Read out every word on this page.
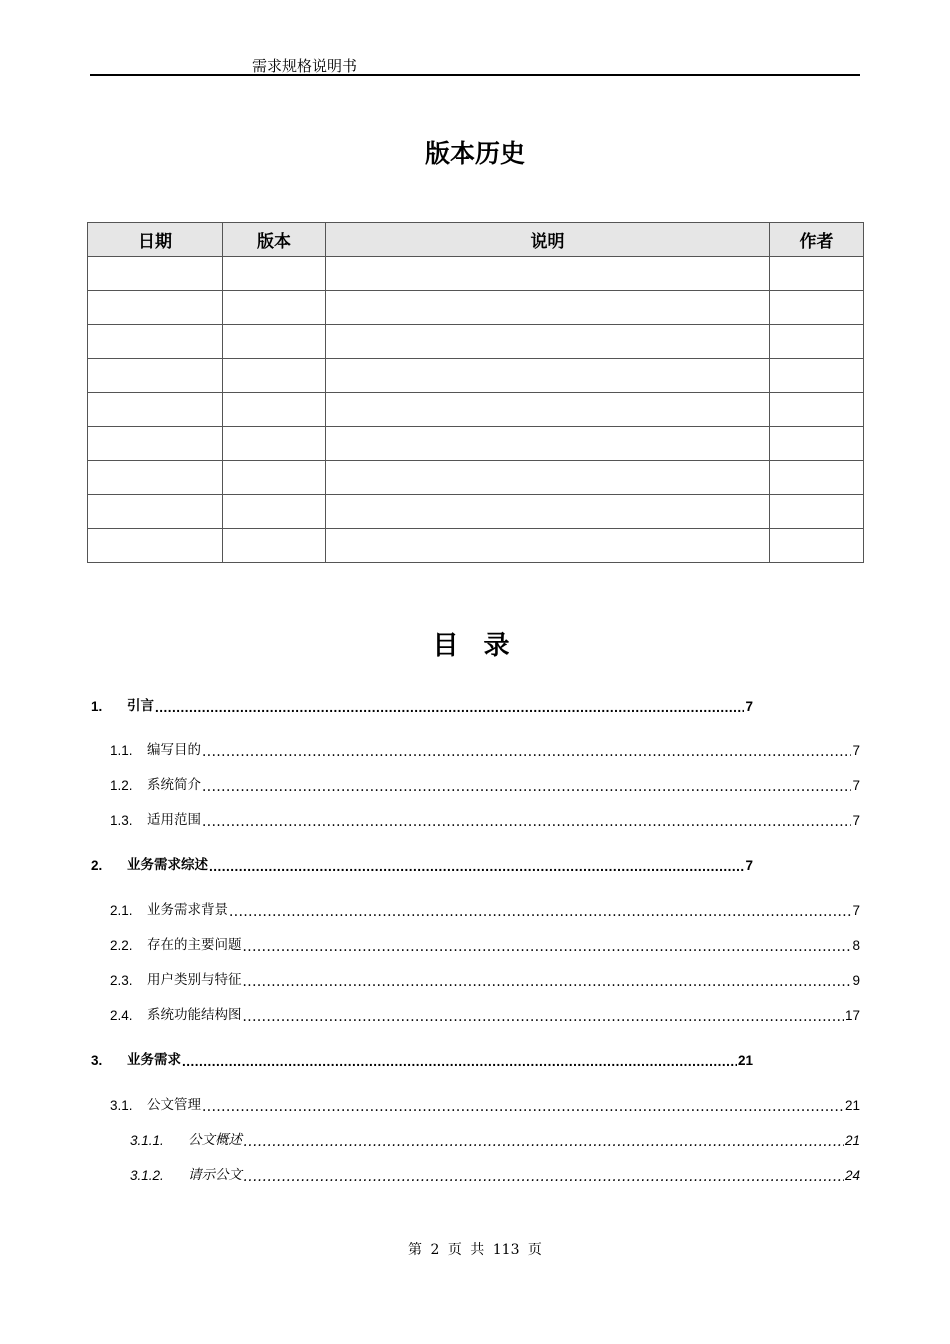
需求规格说明书
版本历史
日期	版本	说明	作者

目 录
1.	引言 .....	7
1.1.	编写目的 .....	7
1.2.	系统简介 .....	7
1.3.	适用范围 .....	7
2.	业务需求综述 .....	7
2.1.	业务需求背景 .....	7
2.2.	存在的主要问题 .....	8
2.3.	用户类别与特征 .....	9
2.4.	系统功能结构图 .....	17
3.	业务需求 .....	21
3.1.	公文管理 .....	21
3.1.1.	公文概述 .....	21
3.1.2.	请示公文 .....	24
第 2 页 共 113 页
